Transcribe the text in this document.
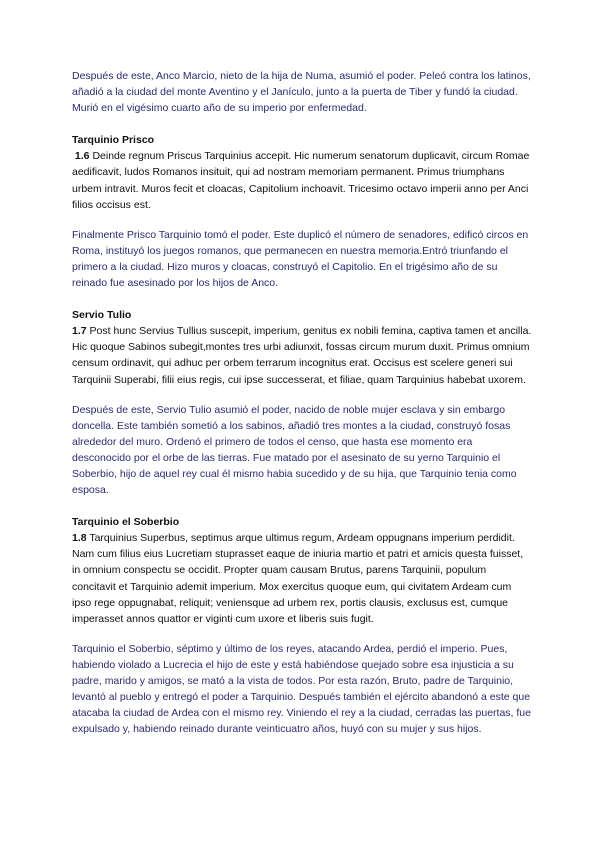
Después de este, Anco Marcio, nieto de la hija de Numa, asumió el poder. Peleó contra los latinos, añadió a la ciudad del monte Aventino y el Janículo, junto a la puerta de Tiber y fundó la ciudad. Murió en el vigésimo cuarto año de su imperio por enfermedad.

Tarquinio Prisco

1.6 Deinde regnum Priscus Tarquinius accepit. Hic numerum senatorum duplicavit, circum Romae aedificavit, ludos Romanos insituit, qui ad nostram memoriam permanent. Primus triumphans urbem intravit. Muros fecit et cloacas, Capitolium inchoavit. Tricesimo octavo imperii anno per Anci filios occisus est.

Finalmente Prisco Tarquinio tomó el poder. Este duplicó el número de senadores, edificó circos en Roma, instituyó los juegos romanos, que permanecen en nuestra memoria.Entró triunfando el primero a la ciudad. Hizo muros y cloacas, construyó el Capitolio. En el trigésimo año de su reinado fue asesinado por los hijos de Anco.

Servio Tulio

1.7 Post hunc Servius Tullius suscepit, imperium, genitus ex nobili femina, captiva tamen et ancilla. Hic quoque Sabinos subegit,montes tres urbi adiunxit, fossas circum murum duxit. Primus omnium censum ordinavit, qui adhuc per orbem terrarum incognitus erat. Occisus est scelere generi sui Tarquinii Superabi, filii eius regis, cui ipse successerat, et filiae, quam Tarquinius habebat uxorem.

Después de este, Servio Tulio asumió el poder, nacido de noble mujer esclava y sin embargo doncella. Este también sometió a los sabinos, añadió tres montes a la ciudad, construyó fosas alrededor del muro. Ordenó el primero de todos el censo, que hasta ese momento era desconocido por el orbe de las tierras. Fue matado por el asesinato de su yerno Tarquinio el Soberbio, hijo de aquel rey cual él mismo habia sucedido y de su hija, que Tarquinio tenia como esposa.

Tarquinio el Soberbio

1.8 Tarquinius Superbus, septimus arque ultimus regum, Ardeam oppugnans imperium perdidit. Nam cum filius eius Lucretiam stuprasset eaque de iniuria martio et patri et amicis questa fuisset, in omnium conspectu se occidit. Propter quam causam Brutus, parens Tarquinii, populum concitavit et Tarquinio ademit imperium. Mox exercitus quoque eum, qui civitatem Ardeam cum ipso rege oppugnabat, reliquit; veniensque ad urbem rex, portis clausis, exclusus est, cumque imperasset annos quattor er viginti cum uxore et liberis suis fugit.

Tarquinio el Soberbio, séptimo y último de los reyes, atacando Ardea, perdió el imperio. Pues, habiendo violado a Lucrecia el hijo de este y está habiéndose quejado sobre esa injusticia a su padre, marido y amigos, se mató a la vista de todos. Por esta razón, Bruto, padre de Tarquinio, levantó al pueblo y entregó el poder a Tarquinio. Después también el ejército abandonó a este que atacaba la ciudad de Ardea con el mismo rey. Viniendo el rey a la ciudad, cerradas las puertas, fue expulsado y, habiendo reinado durante veinticuatro años, huyó con su mujer y sus hijos.
